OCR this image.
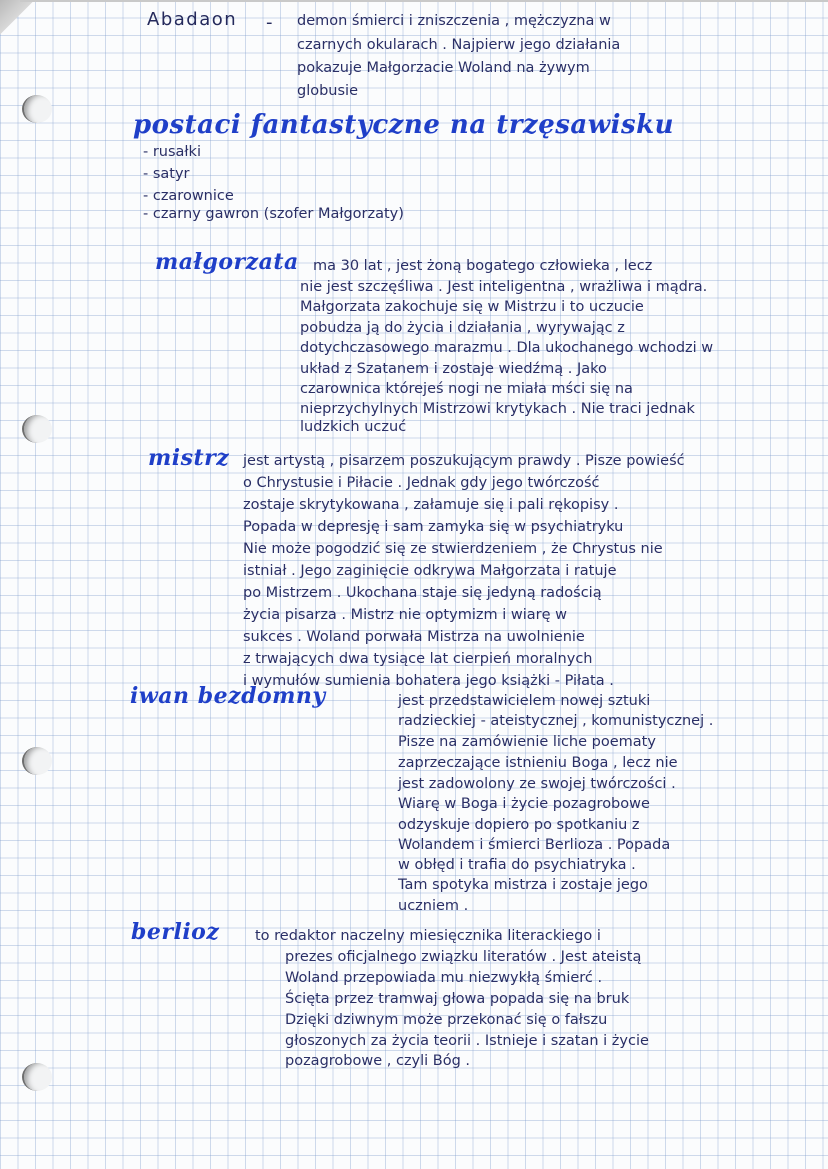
Abadaon - demon śmierci i zniszczenia , mężczyzna w
czarnych okularach . Najpierw jego działania
pokazuje Małgorzacie Woland na żywym
globusie
postaci fantastyczne na trzęsawisku
- rusałki
- satyr
- czarownice
- czarny gawron (szofer Małgorzaty)
małgorzata ma 30 lat , jest żoną bogatego człowieka , lecz
nie jest szczęśliwa . Jest inteligentna , wrażliwa i mądra.
Małgorzata zakochuje się w Mistrzu i to uczucie
pobudza ją do życia i działania , wyrywając z
dotychczasowego marazmu . Dla ukochanego wchodzi w
układ z Szatanem i zostaje wiedźmą . Jako
czarownica którejeś nogi ne miała mści się na
nieprzychylnych Mistrzowi krytykach . Nie traci jednak
ludzkich uczuć
mistrz jest artystą , pisarzem poszukującym prawdy . Pisze powieść
o Chrystusie i Piłacie . Jednak gdy jego twórczość
zostaje skrytykowana , załamuje się i pali rękopisy .
Popada w depresję i sam zamyka się w psychiatryku
Nie może pogodzić się ze stwierdzeniem , że Chrystus nie
istniał . Jego zaginięcie odkrywa Małgorzata i ratuje
po Mistrzem . Ukochana staje się jedyną radością
życia pisarza . Mistrz nie optymizm i wiarę w
sukces . Woland porwała Mistrza na uwolnienie
z trwających dwa tysiące lat cierpień moralnych
i wymułów sumienia bohatera jego książki - Piłata .
iwan bezdomny	jest przedstawicielem nowej sztuki
radzieckiej - ateistycznej , komunistycznej .
Pisze na zamówienie liche poematy
zaprzeczające istnieniu Boga , lecz nie
jest zadowolony ze swojej twórczości .
Wiarę w Boga i życie pozagrobowe
odzyskuje dopiero po spotkaniu z
Wolandem i śmierci Berlioza . Popada
w obłęd i trafia do psychiatryka .
Tam spotyka mistrza i zostaje jego
uczniem .
berlioz to redaktor naczelny miesięcznika literackiego i
prezes oficjalnego związku literatów . Jest ateistą
Woland przepowiada mu niezwykłą śmierć .
Ścięta przez tramwaj głowa popada się na bruk
Dzięki dziwnym może przekonać się o fałszu
głoszonych za życia teorii . Istnieje i szatan i życie
pozagrobowe , czyli Bóg .
